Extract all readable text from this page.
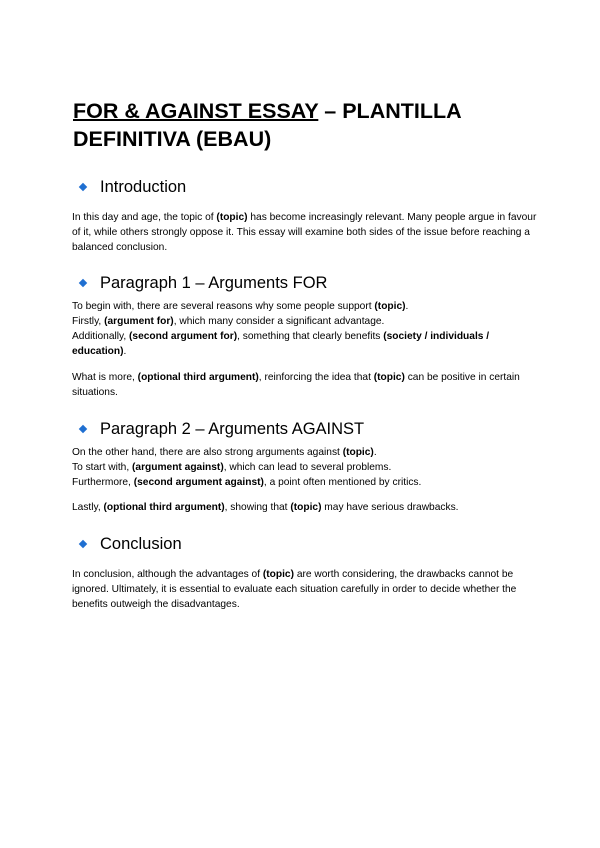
FOR & AGAINST ESSAY – PLANTILLA DEFINITIVA (EBAU)
Introduction

In this day and age, the topic of (topic) has become increasingly relevant. Many people argue in favour of it, while others strongly oppose it. This essay will examine both sides of the issue before reaching a balanced conclusion.

Paragraph 1 – Arguments FOR

To begin with, there are several reasons why some people support (topic).

Firstly, (argument for), which many consider a significant advantage.

Additionally, (second argument for), something that clearly benefits (society / individuals / education).

What is more, (optional third argument), reinforcing the idea that (topic) can be positive in certain situations.

Paragraph 2 – Arguments AGAINST

On the other hand, there are also strong arguments against (topic).

To start with, (argument against), which can lead to several problems.

Furthermore, (second argument against), a point often mentioned by critics.

Lastly, (optional third argument), showing that (topic) may have serious drawbacks.

Conclusion

In conclusion, although the advantages of (topic) are worth considering, the drawbacks cannot be ignored. Ultimately, it is essential to evaluate each situation carefully in order to decide whether the benefits outweigh the disadvantages.
